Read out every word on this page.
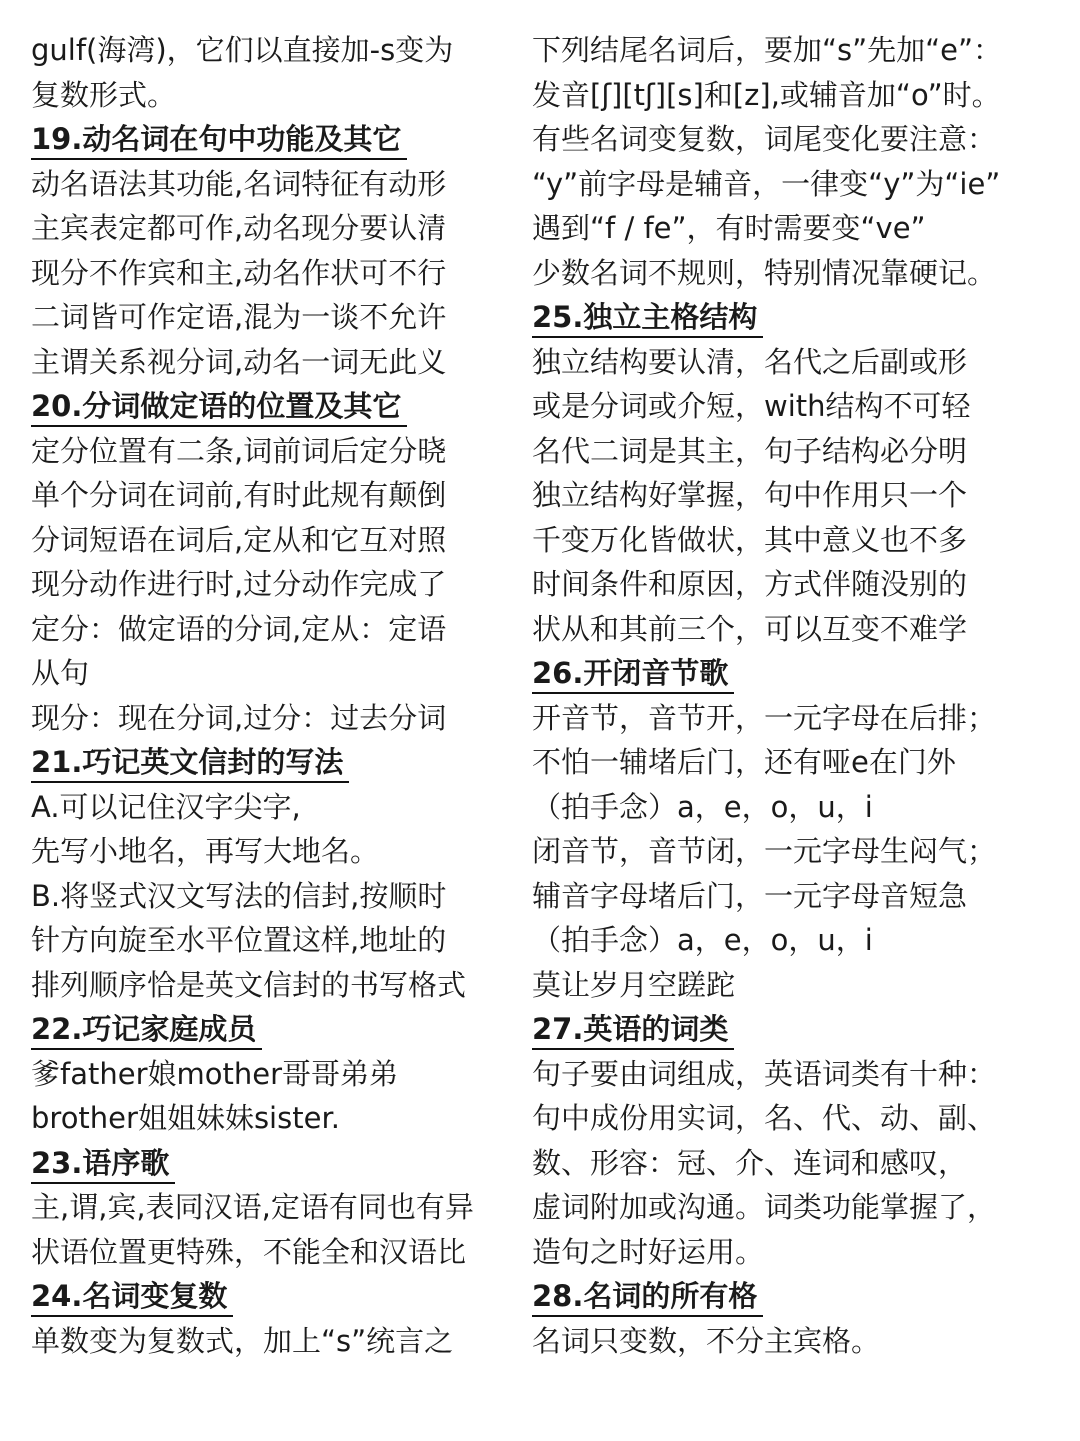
gulf(海湾)，它们以直接加-s变为
复数形式。
19.动名词在句中功能及其它
动名语法其功能,名词特征有动形
主宾表定都可作,动名现分要认清
现分不作宾和主,动名作状可不行
二词皆可作定语,混为一谈不允许
主谓关系视分词,动名一词无此义
20.分词做定语的位置及其它
定分位置有二条,词前词后定分晓
单个分词在词前,有时此规有颠倒
分词短语在词后,定从和它互对照
现分动作进行时,过分动作完成了
定分：做定语的分词,定从：定语
从句
现分：现在分词,过分：过去分词
21.巧记英文信封的写法
A.可以记住汉字尖字,
先写小地名，再写大地名。
B.将竖式汉文写法的信封,按顺时
针方向旋至水平位置这样,地址的
排列顺序恰是英文信封的书写格式
22.巧记家庭成员
爹father娘mother哥哥弟弟
brother姐姐妹妹sister.
23.语序歌
主,谓,宾,表同汉语,定语有同也有异
状语位置更特殊，不能全和汉语比
24.名词变复数
单数变为复数式，加上“s”统言之
下列结尾名词后，要加“s”先加“e”：
发音[ʃ][tʃ][s]和[z],或辅音加“o”时。
有些名词变复数，词尾变化要注意：
“y”前字母是辅音，一律变“y”为“ie”
遇到“f / fe”，有时需要变“ve”
少数名词不规则，特别情况靠硬记。
25.独立主格结构
独立结构要认清，名代之后副或形
或是分词或介短，with结构不可轻
名代二词是其主，句子结构必分明
独立结构好掌握，句中作用只一个
千变万化皆做状，其中意义也不多
时间条件和原因，方式伴随没别的
状从和其前三个，可以互变不难学
26.开闭音节歌
开音节，音节开，一元字母在后排；
不怕一辅堵后门，还有哑e在门外
（拍手念）a，e，o，u，i
闭音节，音节闭，一元字母生闷气；
辅音字母堵后门，一元字母音短急
（拍手念）a，e，o，u，i
莫让岁月空蹉跎
27.英语的词类
句子要由词组成，英语词类有十种：
句中成份用实词，名、代、动、副、
数、形容：冠、介、连词和感叹，
虚词附加或沟通。词类功能掌握了，
造句之时好运用。
28.名词的所有格
名词只变数，不分主宾格。
